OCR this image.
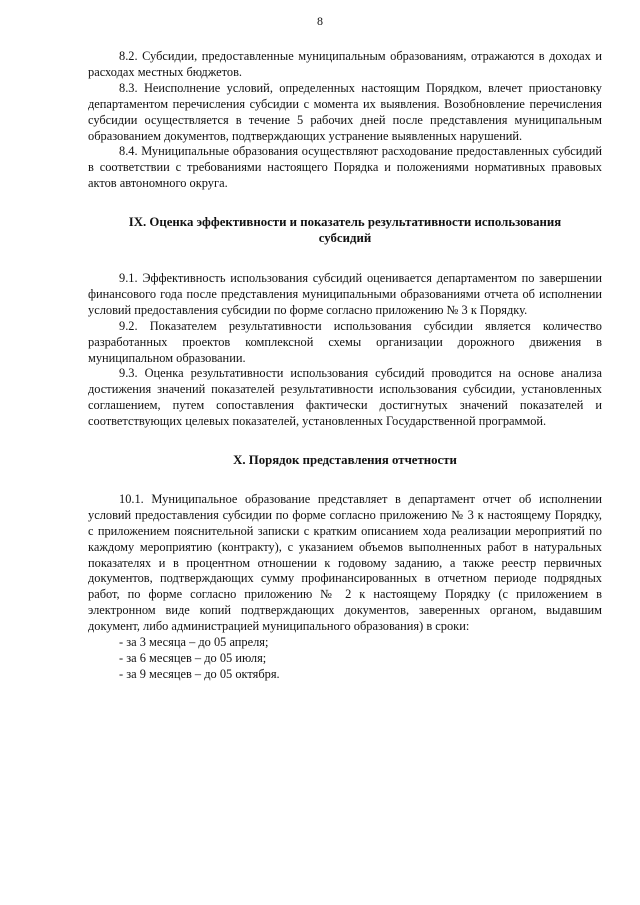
8

8.2. Субсидии, предоставленные муниципальным образованиям, отражаются в доходах и расходах местных бюджетов.

8.3. Неисполнение условий, определенных настоящим Порядком, влечет приостановку департаментом перечисления субсидии с момента их выявления. Возобновление перечисления субсидии осуществляется в течение 5 рабочих дней после представления муниципальным образованием документов, подтверждающих устранение выявленных нарушений.

8.4. Муниципальные образования осуществляют расходование предоставленных субсидий в соответствии с требованиями настоящего Порядка и положениями нормативных правовых актов автономного округа.

IX. Оценка эффективности и показатель результативности использования субсидий

9.1. Эффективность использования субсидий оценивается департаментом по завершении финансового года после представления муниципальными образованиями отчета об исполнении условий предоставления субсидии по форме согласно приложению № 3 к Порядку.

9.2. Показателем результативности использования субсидии является количество разработанных проектов комплексной схемы организации дорожного движения в муниципальном образовании.

9.3. Оценка результативности использования субсидий проводится на основе анализа достижения значений показателей результативности использования субсидии, установленных соглашением, путем сопоставления фактически достигнутых значений показателей и соответствующих целевых показателей, установленных Государственной программой.

X. Порядок представления отчетности

10.1. Муниципальное образование представляет в департамент отчет об исполнении условий предоставления субсидии по форме согласно приложению № 3 к настоящему Порядку, с приложением пояснительной записки с кратким описанием хода реализации мероприятий по каждому мероприятию (контракту), с указанием объемов выполненных работ в натуральных показателях и в процентном отношении к годовому заданию, а также реестр первичных документов, подтверждающих сумму профинансированных в отчетном периоде подрядных работ, по форме согласно приложению № 2 к настоящему Порядку (с приложением в электронном виде копий подтверждающих документов, заверенных органом, выдавшим документ, либо администрацией муниципального образования) в сроки:

- за 3 месяца – до 05 апреля;
- за 6 месяцев – до 05 июля;
- за 9 месяцев – до 05 октября.
